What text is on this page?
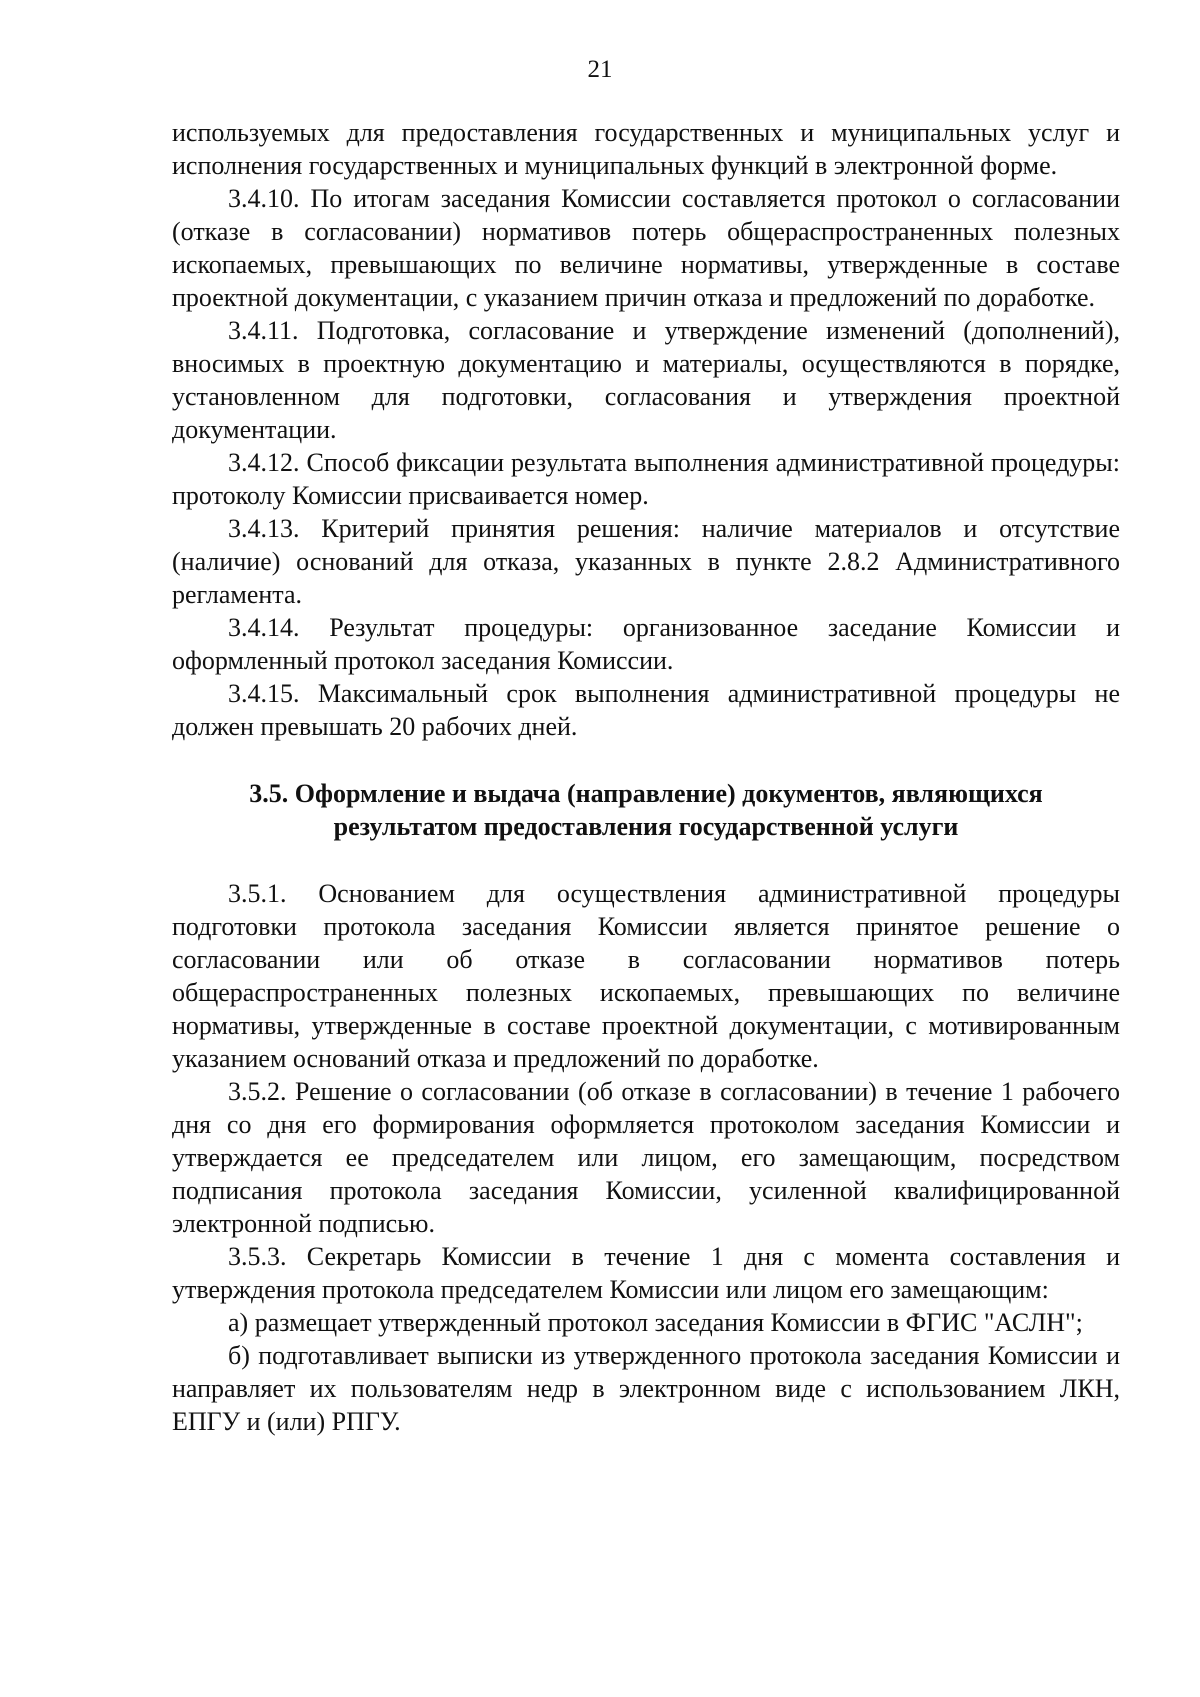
21

используемых для предоставления государственных и муниципальных услуг и исполнения государственных и муниципальных функций в электронной форме.

3.4.10. По итогам заседания Комиссии составляется протокол о согласовании (отказе в согласовании) нормативов потерь общераспространенных полезных ископаемых, превышающих по величине нормативы, утвержденные в составе проектной документации, с указанием причин отказа и предложений по доработке.

3.4.11. Подготовка, согласование и утверждение изменений (дополнений), вносимых в проектную документацию и материалы, осуществляются в порядке, установленном для подготовки, согласования и утверждения проектной документации.

3.4.12. Способ фиксации результата выполнения административной процедуры: протоколу Комиссии присваивается номер.

3.4.13. Критерий принятия решения: наличие материалов и отсутствие (наличие) оснований для отказа, указанных в пункте 2.8.2 Административного регламента.

3.4.14. Результат процедуры: организованное заседание Комиссии и оформленный протокол заседания Комиссии.

3.4.15. Максимальный срок выполнения административной процедуры не должен превышать 20 рабочих дней.

3.5. Оформление и выдача (направление) документов, являющихся
результатом предоставления государственной услуги

3.5.1. Основанием для осуществления административной процедуры подготовки протокола заседания Комиссии является принятое решение о согласовании или об отказе в согласовании нормативов потерь общераспространенных полезных ископаемых, превышающих по величине нормативы, утвержденные в составе проектной документации, с мотивированным указанием оснований отказа и предложений по доработке.

3.5.2. Решение о согласовании (об отказе в согласовании) в течение 1 рабочего дня со дня его формирования оформляется протоколом заседания Комиссии и утверждается ее председателем или лицом, его замещающим, посредством подписания протокола заседания Комиссии, усиленной квалифицированной электронной подписью.

3.5.3. Секретарь Комиссии в течение 1 дня с момента составления и утверждения протокола председателем Комиссии или лицом его замещающим:

а) размещает утвержденный протокол заседания Комиссии в ФГИС "АСЛН";

б) подготавливает выписки из утвержденного протокола заседания Комиссии и направляет их пользователям недр в электронном виде с использованием ЛКН, ЕПГУ и (или) РПГУ.
